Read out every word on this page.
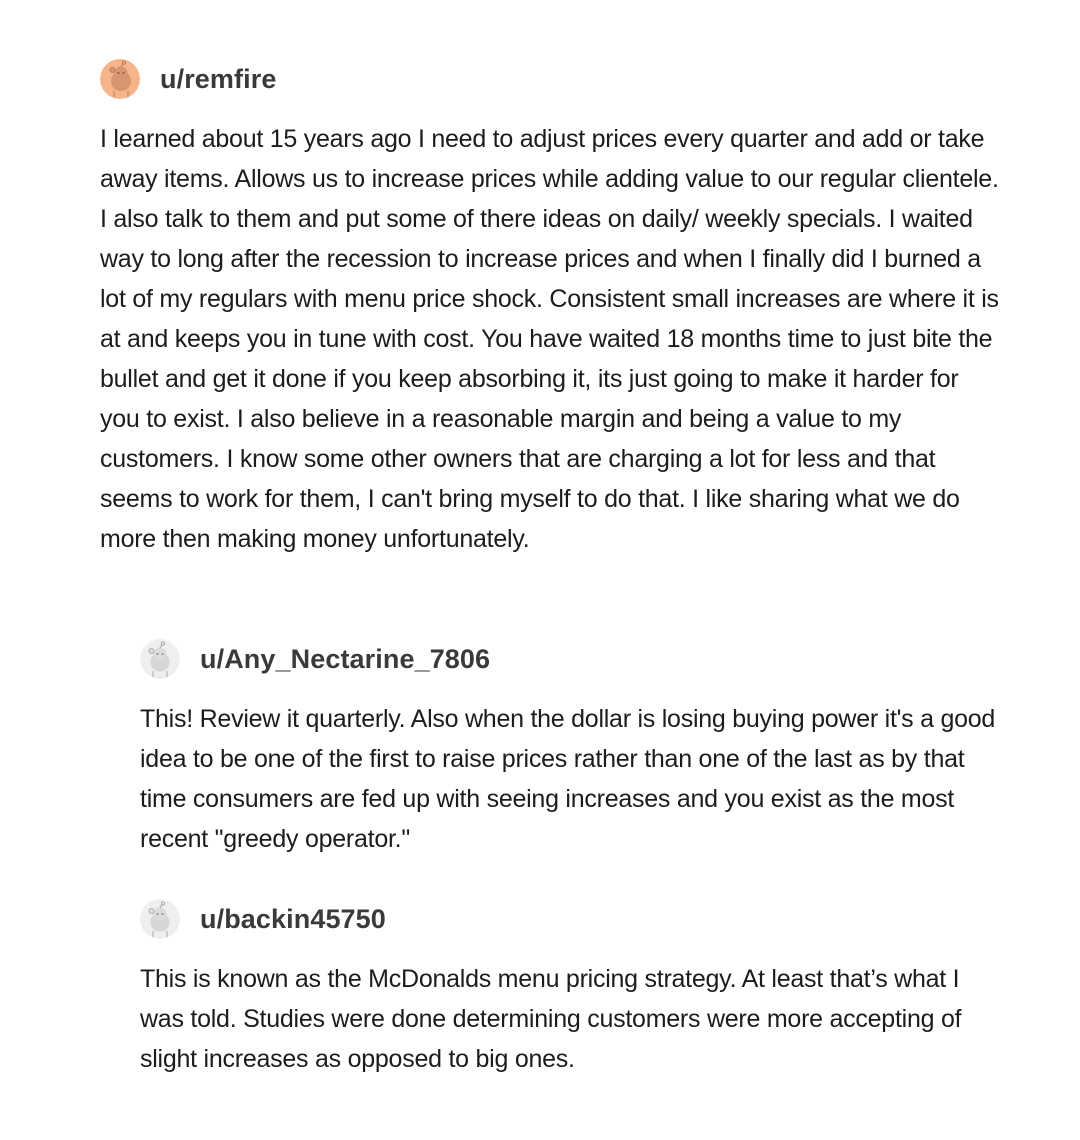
u/remfire

I learned about 15 years ago I need to adjust prices every quarter and add or take away items. Allows us to increase prices while adding value to our regular clientele. I also talk to them and put some of there ideas on daily/ weekly specials. I waited way to long after the recession to increase prices and when I finally did I burned a lot of my regulars with menu price shock. Consistent small increases are where it is at and keeps you in tune with cost. You have waited 18 months time to just bite the bullet and get it done if you keep absorbing it, its just going to make it harder for you to exist. I also believe in a reasonable margin and being a value to my customers. I know some other owners that are charging a lot for less and that seems to work for them, I can't bring myself to do that. I like sharing what we do more then making money unfortunately.

u/Any_Nectarine_7806

This! Review it quarterly. Also when the dollar is losing buying power it's a good idea to be one of the first to raise prices rather than one of the last as by that time consumers are fed up with seeing increases and you exist as the most recent "greedy operator."

u/backin45750

This is known as the McDonalds menu pricing strategy. At least that’s what I was told. Studies were done determining customers were more accepting of slight increases as opposed to big ones.
